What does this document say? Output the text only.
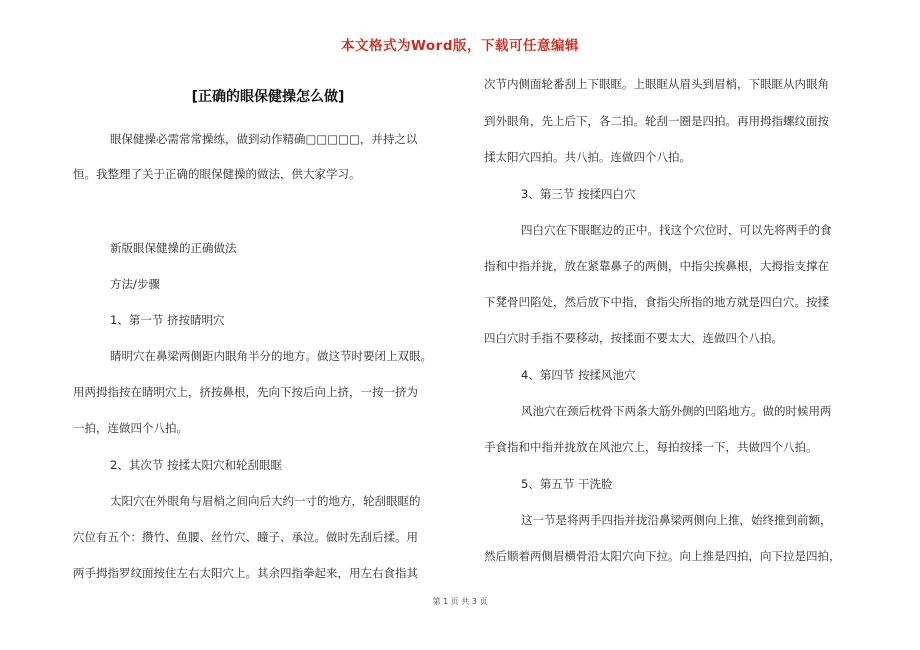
本文格式为Word版，下载可任意编辑
[正确的眼保健操怎么做]
眼保健操必需常常操练，做到动作精确□□□□□，并持之以
恒。我整理了关于正确的眼保健操的做法，供大家学习。
新版眼保健操的正确做法
方法/步骤
1、第一节 挤按睛明穴
睛明穴在鼻梁两侧距内眼角半分的地方。做这节时要闭上双眼。
用两拇指按在睛明穴上，挤按鼻根，先向下按后向上挤，一按一挤为
一拍，连做四个八拍。
2、其次节 按揉太阳穴和轮刮眼眶
太阳穴在外眼角与眉梢之间向后大约一寸的地方，轮刮眼眶的
穴位有五个：攒竹、鱼腰、丝竹穴、瞳子、承泣。做时先刮后揉。用
两手拇指罗纹面按住左右太阳穴上。其余四指拳起来，用左右食指其
次节内侧面轮番刮上下眼眶。上眼眶从眉头到眉梢，下眼眶从内眼角
到外眼角，先上后下，各二拍。轮刮一圈是四拍。再用拇指螺纹面按
揉太阳穴四拍。共八拍。连做四个八拍。
3、第三节 按揉四白穴
四白穴在下眼眶边的正中。找这个穴位时，可以先将两手的食
指和中指并拢，放在紧靠鼻子的两侧，中指尖挨鼻根，大拇指支撑在
下凳骨凹陷处，然后放下中指，食指尖所指的地方就是四白穴。按揉
四白穴时手指不要移动，按揉面不要太大，连做四个八拍。
4、第四节 按揉风池穴
风池穴在颈后枕骨下两条大筋外侧的凹陷地方。做的时候用两
手食指和中指并拢放在风池穴上，每拍按揉一下，共做四个八拍。
5、第五节 干洗脸
这一节是将两手四指并拢沿鼻梁两侧向上推，始终推到前额，
然后顺着两侧眉横骨沿太阳穴向下拉。向上推是四拍，向下拉是四拍，
第 1 页 共 3 页
